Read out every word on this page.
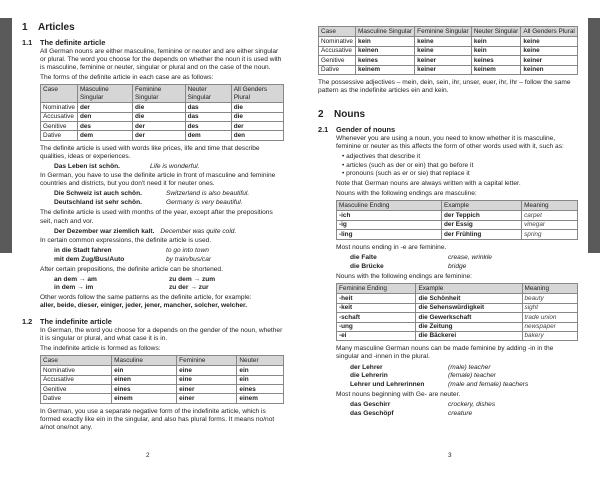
1	Articles
1.1	The definite article

All German nouns are either masculine, feminine or neuter and are either singular or plural. The word you choose for the depends on whether the noun it is used with is masculine, feminine or neuter, singular or plural and on the case of the noun.

The forms of the definite article in each case are as follows:

Case	Masculine Singular	Feminine Singular	Neuter Singular	All Genders Plural
Nominative	der	die	das	die
Accusative	den	die	das	die
Genitive	des	der	des	der
Dative	dem	der	dem	den

The definite article is used with words like prices, life and time that describe qualities, ideas or experiences.

Das Leben ist schön.	Life is wonderful.

In German, you have to use the definite article in front of masculine and feminine countries and districts, but you don't need it for neuter ones.

Die Schweiz ist auch schön.	Switzerland is also beautiful.
Deutschland ist sehr schön.	Germany is very beautiful.

The definite article is used with months of the year, except after the prepositions seit, nach and vor.

Der Dezember war ziemlich kalt. December was quite cold.

In certain common expressions, the definite article is used.

in die Stadt fahren	to go into town
mit dem Zug/Bus/Auto	by train/bus/car

After certain prepositions, the definite article can be shortened.

an dem → am	zu dem → zum
in dem → im	zu der → zur

Other words follow the same patterns as the definite article, for example:

aller, beide, dieser, einiger, jeder, jener, mancher, solcher, welcher.

1.2	The indefinite article

In German, the word you choose for a depends on the gender of the noun, whether it is singular or plural, and what case it is in.

The indefinite article is formed as follows:

Case	Masculine	Feminine	Neuter
Nominative	ein	eine	ein
Accusative	einen	eine	ein
Genitive	eines	einer	eines
Dative	einem	einer	einem

In German, you use a separate negative form of the indefinite article, which is formed exactly like ein in the singular, and also has plural forms. It means no/not a/not one/not any.

2
Case	Masculine Singular	Feminine Singular	Neuter Singular	All Genders Plural
Nominative	kein	keine	kein	keine
Accusative	keinen	keine	kein	keine
Genitive	keines	keiner	keines	keiner
Dative	keinem	keiner	keinem	keinen

The possessive adjectives – mein, dein, sein, ihr, unser, euer, ihr, Ihr – follow the same pattern as the indefinite articles ein and kein.

2	Nouns
2.1	Gender of nouns

Whenever you are using a noun, you need to know whether it is masculine, feminine or neuter as this affects the form of other words used with it, such as:

• adjectives that describe it
• articles (such as der or ein) that go before it
• pronouns (such as er or sie) that replace it

Note that German nouns are always written with a capital letter.

Nouns with the following endings are masculine:

Masculine Ending	Example	Meaning
-ich	der Teppich	carpet
-ig	der Essig	vinegar
-ling	der Frühling	spring

Most nouns ending in -e are feminine.

die Falte	crease, wrinkle
die Brücke	bridge

Nouns with the following endings are feminine:

Feminine Ending	Example	Meaning
-heit	die Schönheit	beauty
-keit	die Sehenswürdigkeit	sight
-schaft	die Gewerkschaft	trade union
-ung	die Zeitung	newspaper
-ei	die Bäckerei	bakery

Many masculine German nouns can be made feminine by adding -in in the singular and -innen in the plural.

der Lehrer	(male) teacher
die Lehrerin	(female) teacher
Lehrer und Lehrerinnen	(male and female) teachers

Most nouns beginning with Ge- are neuter.

das Geschirr	crockery, dishes
das Geschöpf	creature
3
